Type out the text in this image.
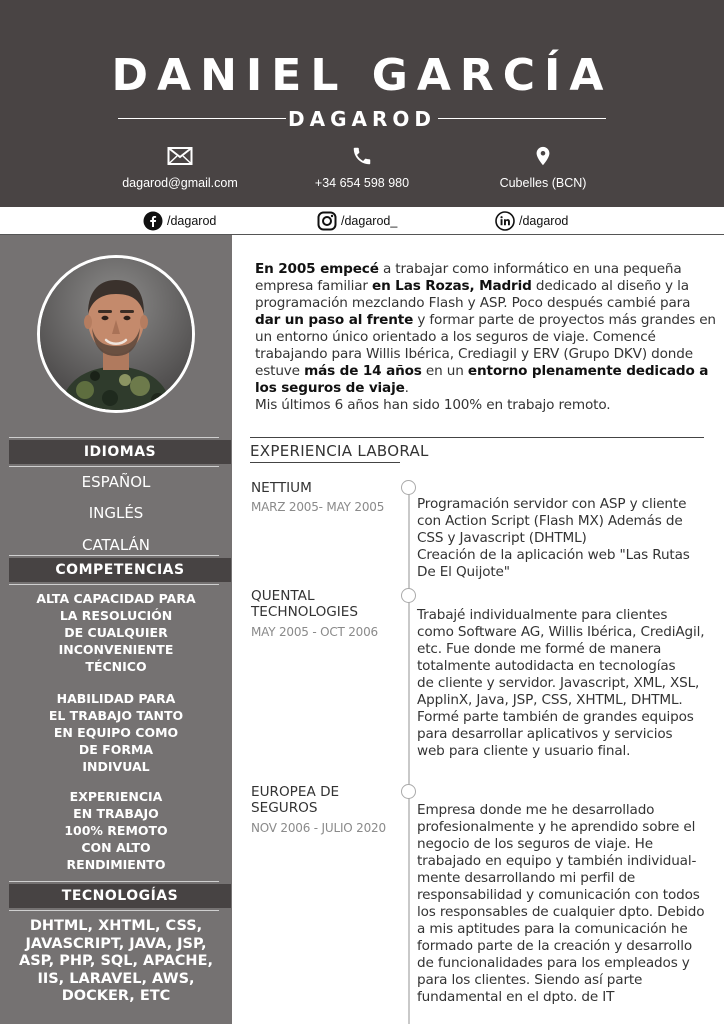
DANIEL GARCÍA
DAGAROD
dagarod@gmail.com	+34 654 598 980	Cubelles (BCN)
/dagarod	/dagarod_	/dagarod
IDIOMAS
ESPAÑOL
INGLÉS
CATALÁN
COMPETENCIAS
ALTA CAPACIDAD PARA
LA RESOLUCIÓN
DE CUALQUIER
INCONVENIENTE
TÉCNICO
HABILIDAD PARA
EL TRABAJO TANTO
EN EQUIPO COMO
DE FORMA
INDIVUAL
EXPERIENCIA
EN TRABAJO
100% REMOTO
CON ALTO
RENDIMIENTO
TECNOLOGÍAS
DHTML, XHTML, CSS,
JAVASCRIPT, JAVA, JSP,
ASP, PHP, SQL, APACHE,
IIS, LARAVEL, AWS,
DOCKER, ETC
En 2005 empecé a trabajar como informático en una pequeña empresa familiar en Las Rozas, Madrid dedicado al diseño y la programación mezclando Flash y ASP. Poco después cambié para dar un paso al frente y formar parte de proyectos más grandes en un entorno único orientado a los seguros de viaje. Comencé trabajando para Willis Ibérica, Crediagil y ERV (Grupo DKV) donde estuve más de 14 años en un entorno plenamente dedicado a los seguros de viaje.
Mis últimos 6 años han sido 100% en trabajo remoto.
EXPERIENCIA LABORAL
NETTIUM
MARZ 2005- MAY 2005	Programación servidor con ASP y cliente
con Action Script (Flash MX) Además de
CSS y Javascript (DHTML)
Creación de la aplicación web "Las Rutas
De El Quijote"
QUENTAL
TECHNOLOGIES
MAY 2005 - OCT 2006
Trabajé individualmente para clientes
como Software AG, Willis Ibérica, CrediAgil,
etc. Fue donde me formé de manera
totalmente autodidacta en tecnologías
de cliente y servidor. Javascript, XML, XSL,
ApplinX, Java, JSP, CSS, XHTML, DHTML.
Formé parte también de grandes equipos
para desarrollar aplicativos y servicios
web para cliente y usuario final.
EUROPEA DE
SEGUROS
NOV 2006 - JULIO 2020
Empresa donde me he desarrollado
profesionalmente y he aprendido sobre el
negocio de los seguros de viaje. He
trabajado en equipo y también individual-
mente desarrollando mi perfil de
responsabilidad y comunicación con todos
los responsables de cualquier dpto. Debido
a mis aptitudes para la comunicación he
formado parte de la creación y desarrollo
de funcionalidades para los empleados y
para los clientes. Siendo así parte
fundamental en el dpto. de IT
